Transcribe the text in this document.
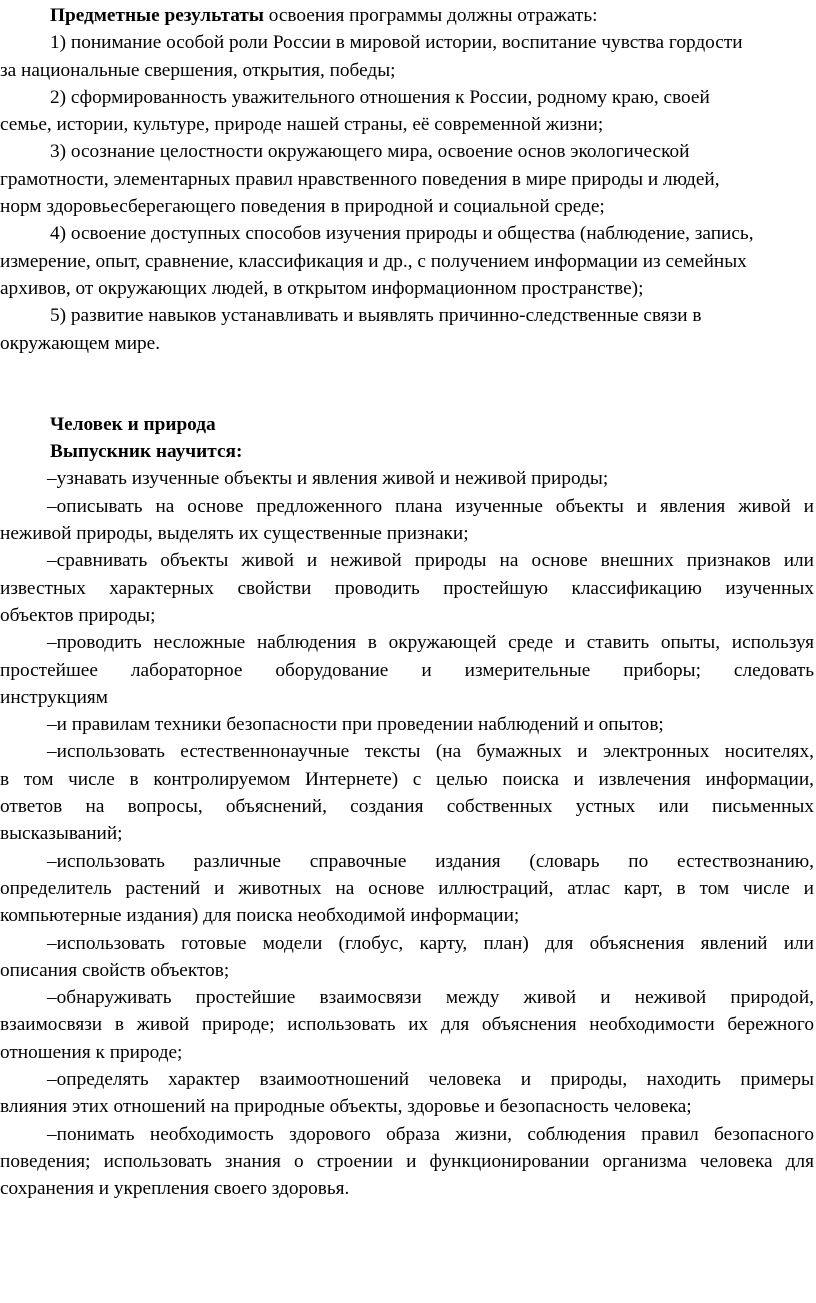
Предметные результаты освоения программы должны отражать:
1) понимание особой роли России в мировой истории, воспитание чувства гордости
за национальные свершения, открытия, победы;
2) сформированность уважительного отношения к России, родному краю, своей
семье, истории, культуре, природе нашей страны, её современной жизни;
3) осознание целостности окружающего мира, освоение основ экологической
грамотности, элементарных правил нравственного поведения в мире природы и людей,
норм здоровьесберегающего поведения в природной и социальной среде;
4) освоение доступных способов изучения природы и общества (наблюдение, запись,
измерение, опыт, сравнение, классификация и др., с получением информации из семейных
архивов, от окружающих людей, в открытом информационном пространстве);
5) развитие навыков устанавливать и выявлять причинно-следственные связи в
окружающем мире.
Человек и природа
Выпускник научится:
–узнавать изученные объекты и явления живой и неживой природы;
–описывать на основе предложенного плана изученные объекты и явления живой и
неживой природы, выделять их существенные признаки;
–сравнивать объекты живой и неживой природы на основе внешних признаков или
известных характерных свойстви проводить простейшую классификацию изученных
объектов природы;
–проводить несложные наблюдения в окружающей среде и ставить опыты, используя
простейшее лабораторное оборудование и измерительные приборы; следовать
инструкциям
–и правилам техники безопасности при проведении наблюдений и опытов;
–использовать естественнонаучные тексты (на бумажных и электронных носителях,
в том числе в контролируемом Интернете) с целью поиска и извлечения информации,
ответов на вопросы, объяснений, создания собственных устных или письменных
высказываний;
–использовать различные справочные издания (словарь по естествознанию,
определитель растений и животных на основе иллюстраций, атлас карт, в том числе и
компьютерные издания) для поиска необходимой информации;
–использовать готовые модели (глобус, карту, план) для объяснения явлений или
описания свойств объектов;
–обнаруживать простейшие взаимосвязи между живой и неживой природой,
взаимосвязи в живой природе; использовать их для объяснения необходимости бережного
отношения к природе;
–определять характер взаимоотношений человека и природы, находить примеры
влияния этих отношений на природные объекты, здоровье и безопасность человека;
–понимать необходимость здорового образа жизни, соблюдения правил безопасного
поведения; использовать знания о строении и функционировании организма человека для
сохранения и укрепления своего здоровья.
